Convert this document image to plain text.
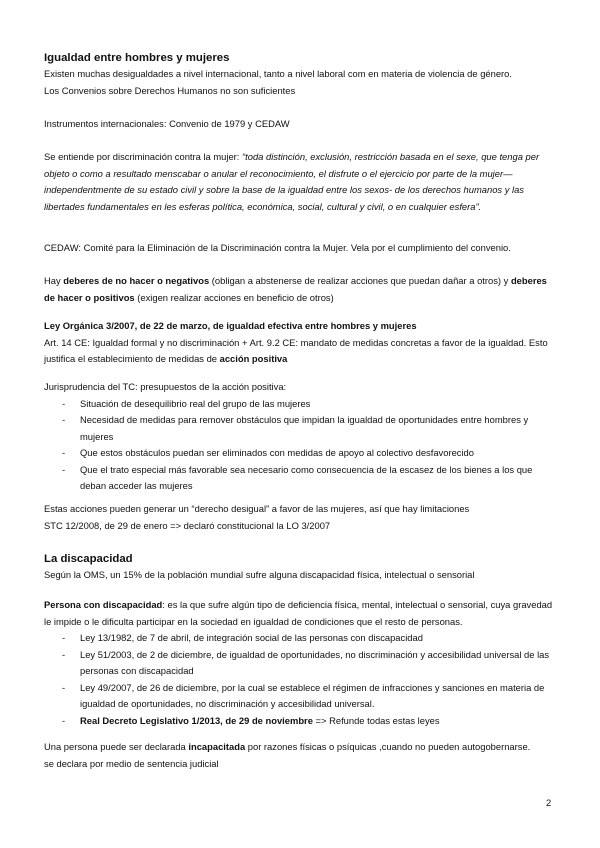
Igualdad entre hombres y mujeres

Existen muchas desigualdades a nivel internacional, tanto a nivel laboral com en materia de violencia de género.

Los Convenios sobre Derechos Humanos no son suficientes

Instrumentos internacionales: Convenio de 1979 y CEDAW

Se entiende por discriminación contra la mujer: “toda distinción, exclusión, restricción basada en el sexe, que tenga per objeto o como a resultado menscabar o anular el reconocimiento, el disfrute o el ejercicio por parte de la mujer—independentmente de su estado civil y sobre la base de la igualdad entre los sexos- de los derechos humanos y las libertades fundamentales en les esferas política, económica, social, cultural y civil, o en cualquier esfera”.

CEDAW: Comité para la Eliminación de la Discriminación contra la Mujer. Vela por el cumplimiento del convenio.

Hay deberes de no hacer o negativos (obligan a abstenerse de realizar acciones que puedan dañar a otros) y deberes de hacer o positivos (exigen realizar acciones en beneficio de otros)

Ley Orgánica 3/2007, de 22 de marzo, de igualdad efectiva entre hombres y mujeres

Art. 14 CE: Igualdad formal y no discriminación + Art. 9.2 CE: mandato de medidas concretas a favor de la igualdad. Esto justifica el establecimiento de medidas de acción positiva

Jurisprudencia del TC: presupuestos de la acción positiva:

- Situación de desequilibrio real del grupo de las mujeres
- Necesidad de medidas para remover obstáculos que impidan la igualdad de oportunidades entre hombres y mujeres
- Que estos obstáculos puedan ser eliminados con medidas de apoyo al colectivo desfavorecido
- Que el trato especial más favorable sea necesario como consecuencia de la escasez de los bienes a los que deban acceder las mujeres

Estas acciones pueden generar un “derecho desigual” a favor de las mujeres, así que hay limitaciones

STC 12/2008, de 29 de enero => declaró constitucional la LO 3/2007

La discapacidad

Según la OMS, un 15% de la población mundial sufre alguna discapacidad física, intelectual o sensorial

Persona con discapacidad: es la que sufre algún tipo de deficiencia física, mental, intelectual o sensorial, cuya gravedad le impide o le dificulta participar en la sociedad en igualdad de condiciones que el resto de personas.

- Ley 13/1982, de 7 de abril, de integración social de las personas con discapacidad
- Ley 51/2003, de 2 de diciembre, de igualdad de oportunidades, no discriminación y accesibilidad universal de las personas con discapacidad
- Ley 49/2007, de 26 de diciembre, por la cual se establece el régimen de infracciones y sanciones en materia de igualdad de oportunidades, no discriminación y accesibilidad universal.
- Real Decreto Legislativo 1/2013, de 29 de noviembre => Refunde todas estas leyes

Una persona puede ser declarada incapacitada por razones físicas o psíquicas ,cuando no pueden autogobernarse.

se declara por medio de sentencia judicial

2
